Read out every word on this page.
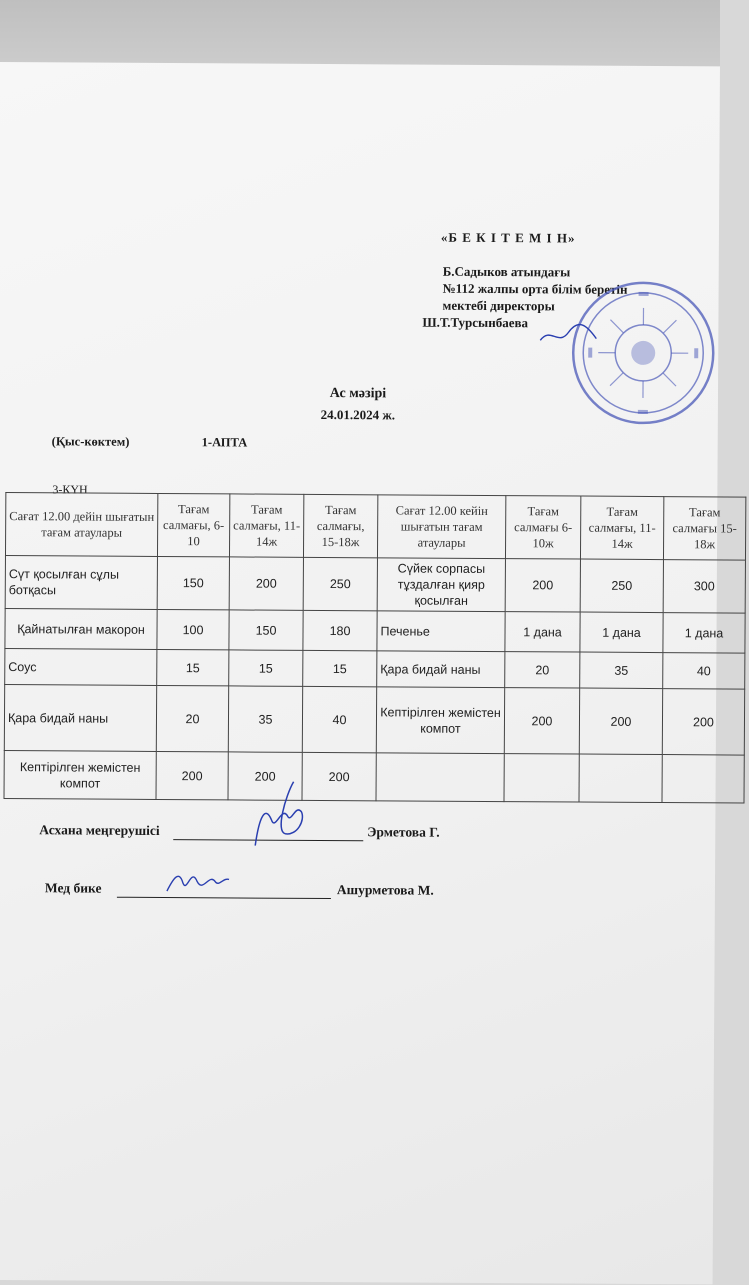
«Б Е К І Т Е М І Н»
Б.Садыков атындағы
№112 жалпы орта білім беретін
мектебі директоры
Ш.Т.Турсынбаева
Ас мәзірі
24.01.2024 ж.
(Қыс-көктем)	1-АПТА
3-КҮН
Сағат 12.00 дейін шығатын тағам атаулары	Тағам салмағы, 6-10	Тағам салмағы, 11-14ж	Тағам салмағы, 15-18ж	Сағат 12.00 кейін шығатын тағам атаулары	Тағам салмағы 6-10ж	Тағам салмағы, 11-14ж	Тағам салмағы 15-18ж
Сүт қосылған сұлы ботқасы	150	200	250	Сүйек сорпасы тұздалған қияр қосылған	200	250	300
Қайнатылған макорон	100	150	180	Печенье	1 дана	1 дана	1 дана
Соус	15	15	15	Қара бидай наны	20	35	40
Қара бидай наны	20	35	40	Кептірілген жемістен компот	200	200	200
Кептірілген жемістен компот	200	200	200				
Асхана меңгерушісі	Эрметова Г.
Мед бике	Ашурметова М.
